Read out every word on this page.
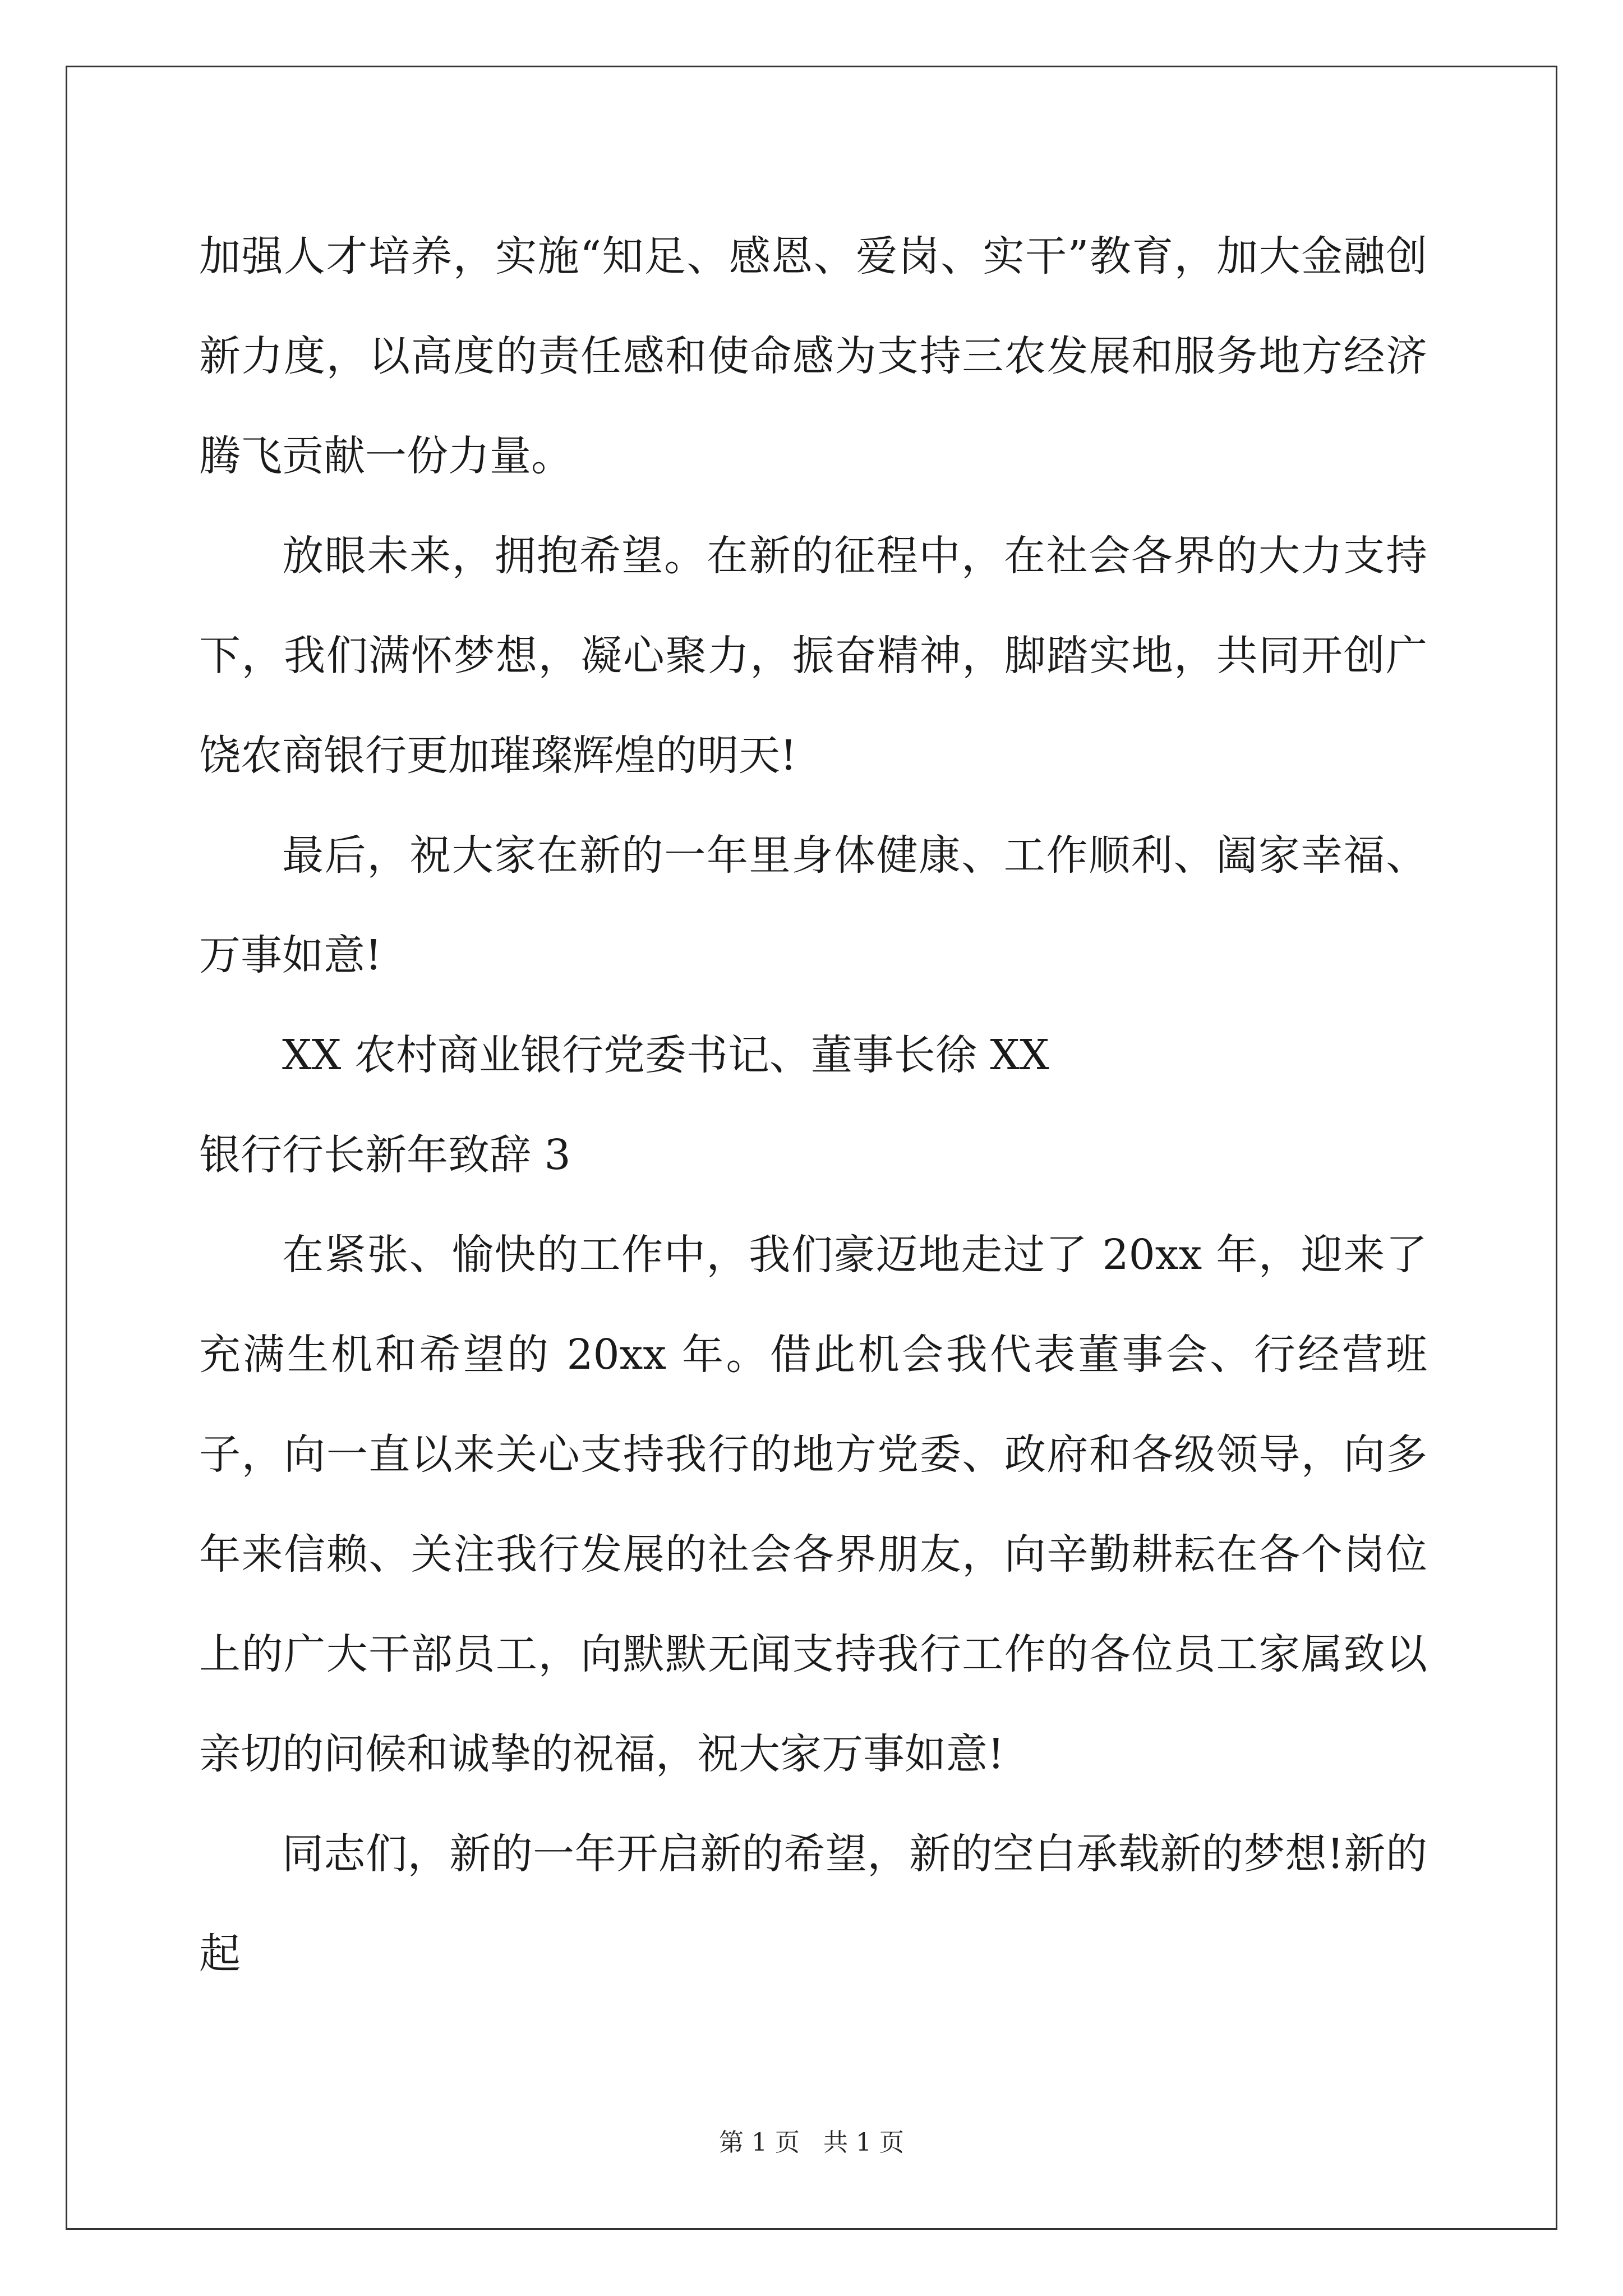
加强人才培养，实施“知足、感恩、爱岗、实干”教育，加大金融创新力度，以高度的责任感和使命感为支持三农发展和服务地方经济腾飞贡献一份力量。

放眼未来，拥抱希望。在新的征程中，在社会各界的大力支持下，我们满怀梦想，凝心聚力，振奋精神，脚踏实地，共同开创广饶农商银行更加璀璨辉煌的明天!

最后，祝大家在新的一年里身体健康、工作顺利、阖家幸福、万事如意!

XX 农村商业银行党委书记、董事长徐 XX

银行行长新年致辞 3

在紧张、愉快的工作中，我们豪迈地走过了 20xx 年，迎来了充满生机和希望的 20xx 年。借此机会我代表董事会、行经营班子，向一直以来关心支持我行的地方党委、政府和各级领导，向多年来信赖、关注我行发展的社会各界朋友，向辛勤耕耘在各个岗位上的广大干部员工，向默默无闻支持我行工作的各位员工家属致以亲切的问候和诚挚的祝福，祝大家万事如意!

同志们，新的一年开启新的希望，新的空白承载新的梦想!新的起

第 1 页 共 1 页
